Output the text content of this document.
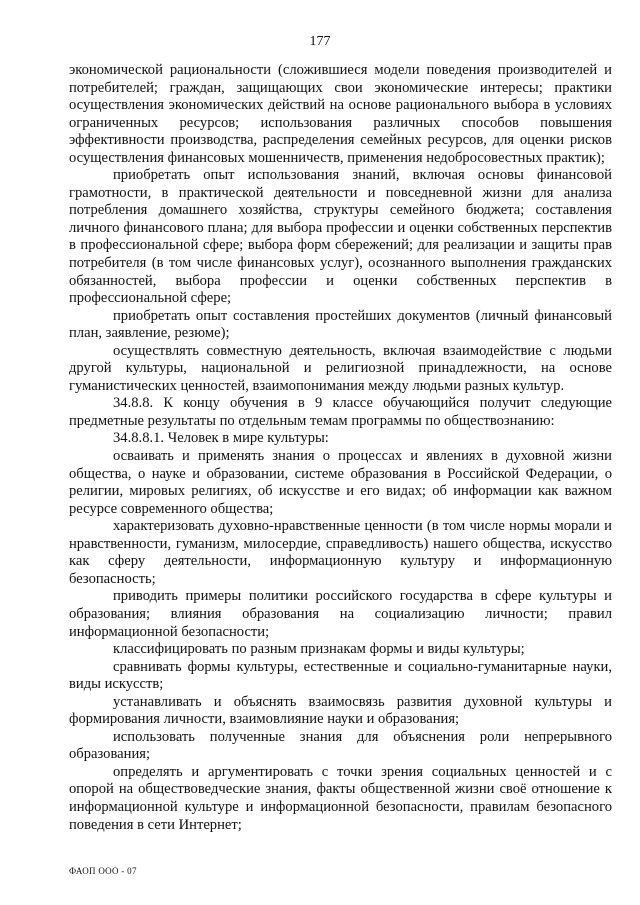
177

экономической рациональности (сложившиеся модели поведения производителей и потребителей; граждан, защищающих свои экономические интересы; практики осуществления экономических действий на основе рационального выбора в условиях ограниченных ресурсов; использования различных способов повышения эффективности производства, распределения семейных ресурсов, для оценки рисков осуществления финансовых мошенничеств, применения недобросовестных практик);

приобретать опыт использования знаний, включая основы финансовой грамотности, в практической деятельности и повседневной жизни для анализа потребления домашнего хозяйства, структуры семейного бюджета; составления личного финансового плана; для выбора профессии и оценки собственных перспектив в профессиональной сфере; выбора форм сбережений; для реализации и защиты прав потребителя (в том числе финансовых услуг), осознанного выполнения гражданских обязанностей, выбора профессии и оценки собственных перспектив в профессиональной сфере;

приобретать опыт составления простейших документов (личный финансовый план, заявление, резюме);

осуществлять совместную деятельность, включая взаимодействие с людьми другой культуры, национальной и религиозной принадлежности, на основе гуманистических ценностей, взаимопонимания между людьми разных культур.

34.8.8. К концу обучения в 9 классе обучающийся получит следующие предметные результаты по отдельным темам программы по обществознанию:

34.8.8.1. Человек в мире культуры:

осваивать и применять знания о процессах и явлениях в духовной жизни общества, о науке и образовании, системе образования в Российской Федерации, о религии, мировых религиях, об искусстве и его видах; об информации как важном ресурсе современного общества;

характеризовать духовно-нравственные ценности (в том числе нормы морали и нравственности, гуманизм, милосердие, справедливость) нашего общества, искусство как сферу деятельности, информационную культуру и информационную безопасность;

приводить примеры политики российского государства в сфере культуры и образования; влияния образования на социализацию личности; правил информационной безопасности;

классифицировать по разным признакам формы и виды культуры;

сравнивать формы культуры, естественные и социально-гуманитарные науки, виды искусств;

устанавливать и объяснять взаимосвязь развития духовной культуры и формирования личности, взаимовлияние науки и образования;

использовать полученные знания для объяснения роли непрерывного образования;

определять и аргументировать с точки зрения социальных ценностей и с опорой на обществоведческие знания, факты общественной жизни своё отношение к информационной культуре и информационной безопасности, правилам безопасного поведения в сети Интернет;

ФАОП ООО - 07
